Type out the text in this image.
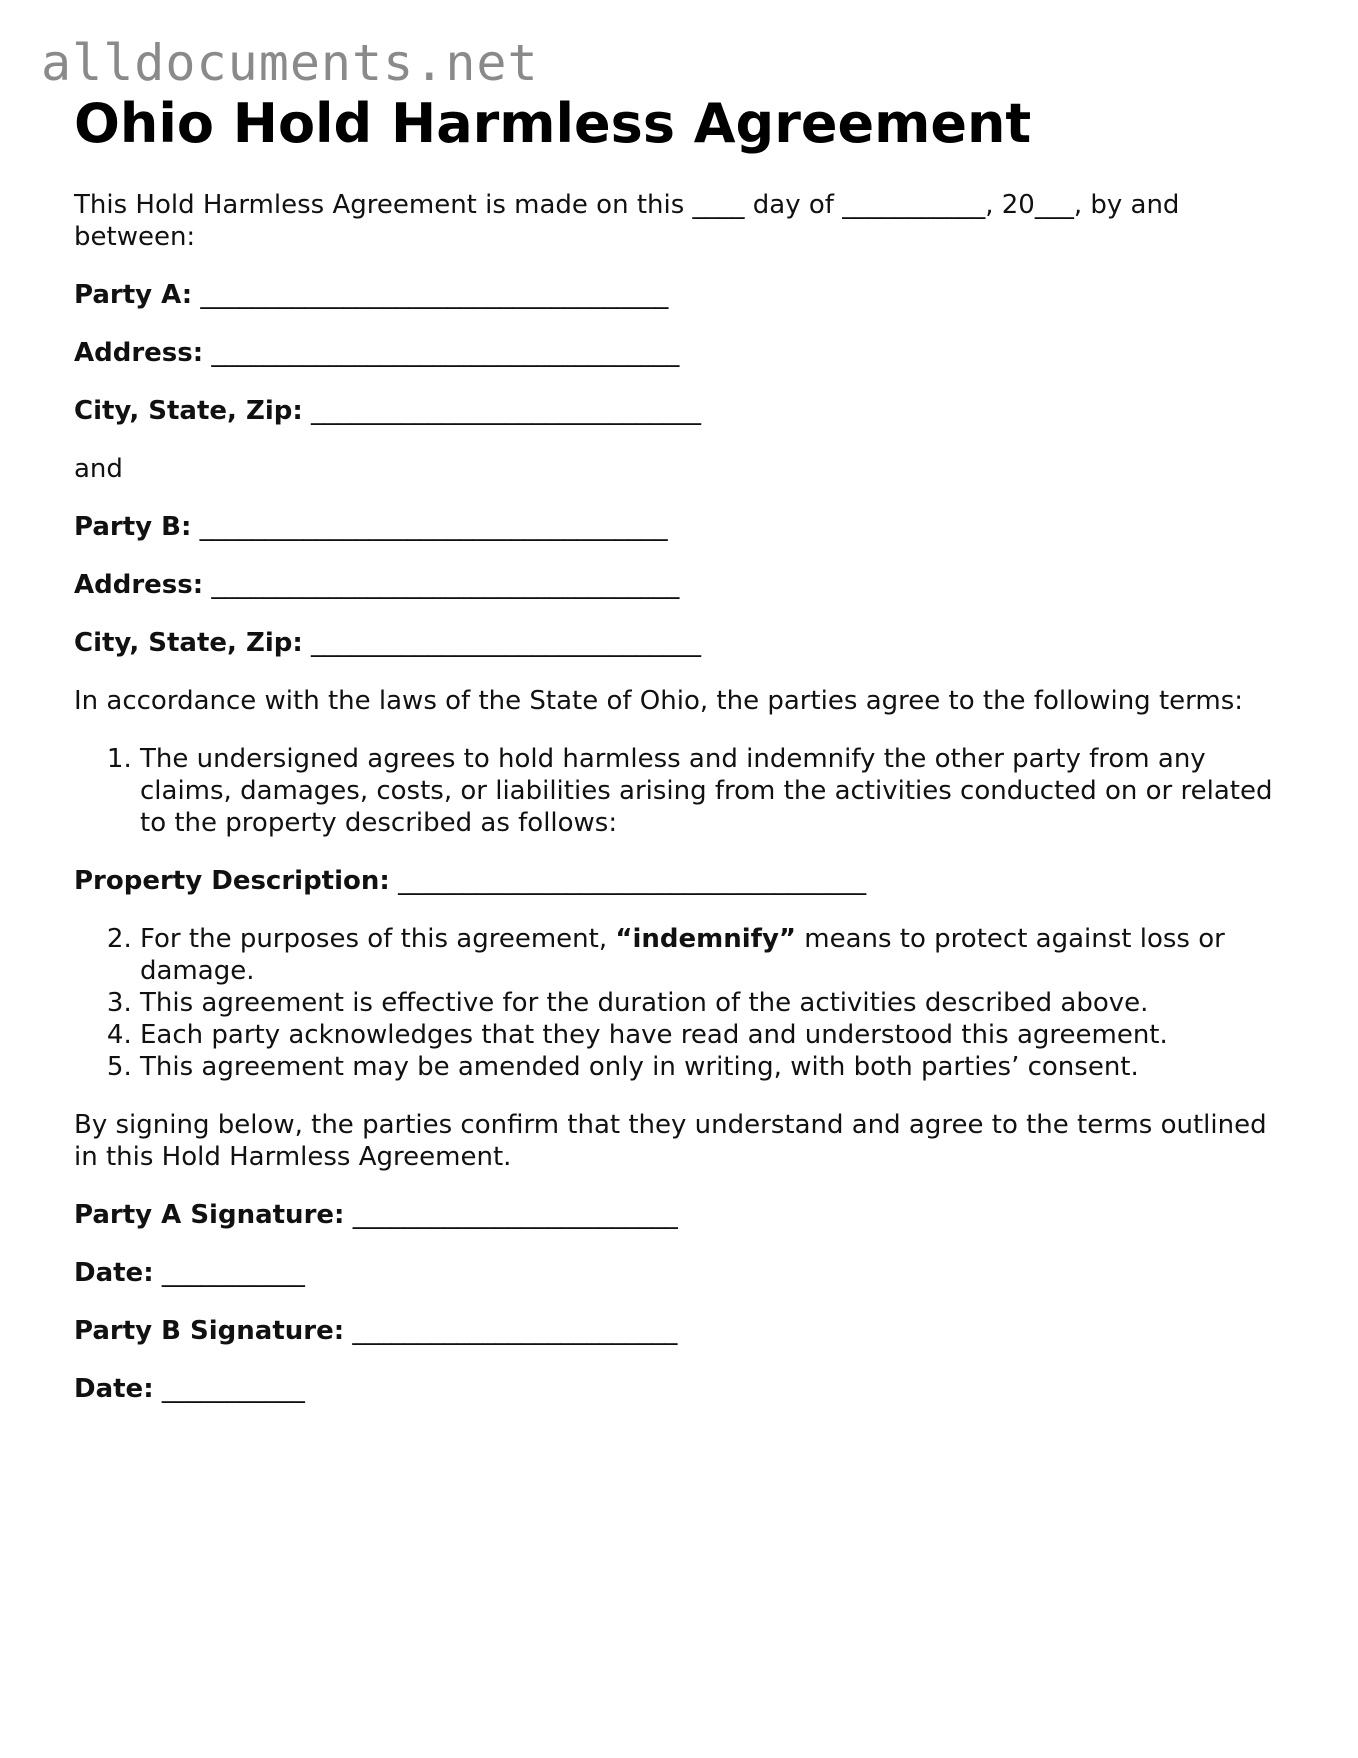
alldocuments.net
Ohio Hold Harmless Agreement

This Hold Harmless Agreement is made on this ____ day of ___________, 20___, by and between:

Party A: ____________________________________
Address: ____________________________________
City, State, Zip: ______________________________

and

Party B: ____________________________________
Address: ____________________________________
City, State, Zip: ______________________________

In accordance with the laws of the State of Ohio, the parties agree to the following terms:

1. The undersigned agrees to hold harmless and indemnify the other party from any claims, damages, costs, or liabilities arising from the activities conducted on or related to the property described as follows:
Property Description: ____________________________________
2. For the purposes of this agreement, “indemnify” means to protect against loss or damage.
3. This agreement is effective for the duration of the activities described above.
4. Each party acknowledges that they have read and understood this agreement.
5. This agreement may be amended only in writing, with both parties’ consent.

By signing below, the parties confirm that they understand and agree to the terms outlined in this Hold Harmless Agreement.

Party A Signature: _________________________
Date: ___________
Party B Signature: _________________________
Date: ___________
